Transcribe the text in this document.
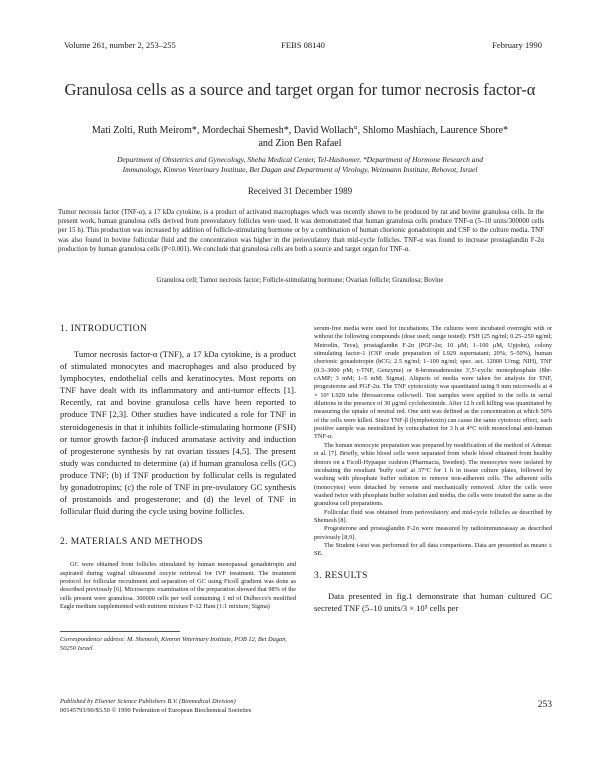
Volume 261, number 2, 253–255	FEBS 08140	February 1990
Granulosa cells as a source and target organ for tumor necrosis factor-α
Mati Zolti, Ruth Meirom*, Mordechai Shemesh*, David Wollach°, Shlomo Mashiach, Laurence Shore*
and Zion Ben Rafael
Department of Obstetrics and Gynecology, Sheba Medical Center, Tel-Hashomer, *Department of Hormone Research and
Immunology, Kimron Veterinary Institute, Bet Dagan and Department of Virology, Weizmann Institute, Rehovot, Israel
Received 31 December 1989
Tumor necrosis factor (TNF-α), a 17 kDa cytokine, is a product of activated macrophages which was recently shown to be produced by rat and bovine granulosa cells. In the present work, human granulosa cells derived from preovulatory follicles were used. It was demonstrated that human granulosa cells produce TNF-α (5–10 units/300000 cells per 15 h). This production was increased by addition of follicle-stimulating hormone or by a combination of human chorionic gonadotropin and CSF to the culture media. TNF was also found in bovine follicular fluid and the concentration was higher in the periovulatory than mid-cycle follicles. TNF-α was found to increase prostaglandin F-2α production by human granulosa cells (P<0.001). We conclude that granulosa cells are both a source and target organ for TNF-α.
Granulosa cell; Tumor necrosis factor; Follicle-stimulating hormone; Ovarian follicle; Granulosa; Bovine
1. INTRODUCTION

Tumor necrosis factor-α (TNF), a 17 kDa cytokine, is a product of stimulated monocytes and macrophages and also produced by lymphocytes, endothelial cells and keratinocytes. Most reports on TNF have dealt with its inflammatory and anti-tumor effects [1]. Recently, rat and bovine granulosa cells have been reported to produce TNF [2,3]. Other studies have indicated a role for TNF in steroidogenesis in that it inhibits follicle-stimulating hormone (FSH) or tumor growth factor-β induced aromatase activity and induction of progesterone synthesis by rat ovarian tissues [4,5]. The present study was conducted to determine (a) if human granulosa cells (GC) produce TNF; (b) if TNF production by follicular cells is regulated by gonadotropins; (c) the role of TNF in pre-ovulatory GC synthesis of prostanoids and progesterone; and (d) the level of TNF in follicular fluid during the cycle using bovine follicles.

2. MATERIALS AND METHODS

GC were obtained from follicles stimulated by human menopausal gonadotropin and aspirated during vaginal ultrasound oocyte retrieval for IVF treatment. The treatment protocol for follicular recruitment and separation of GC using Ficoll gradient was done as described previously [6]. Microscopic examination of the preparation showed that 98% of the cells present were granulosa. 300000 cells per well containing 1 ml of Dulbecco's modified Eagle medium supplemented with nutrient mixture F-12 Ham (1:1 mixture; Sigma)

Correspondence address: M. Shemesh, Kimron Veterinary Institute, POB 12, Bet Dagan, 50250 Israel

serum-free media were used for incubations. The cultures were incubated overnight with or without the following compounds (dose used; range tested): FSH (25 ng/ml; 0.25–250 ng/ml; Metrodin, Teva), prostaglandin F-2α (PGF-2α; 10 μM; 1–100 μM, Upjohn), colony stimulating factor-1 (CSF crude preparation of L929 supernatant; 20%; 5–50%), human chorionic gonadotropin (hCG; 2.5 ng/ml; 1–100 ng/ml; spec. act. 12000 U/mg; NIH), TNF (0.3–3000 pM; r-TNF, Genzyme) or 8-bromoadenosine 3',5'-cyclic monophosphate (8br-cAMP; 3 mM; 1–5 mM; Sigma). Aliquots of media were taken for analysis for TNF, progesterone and PGF-2α. The TNF cytotoxicity was quantitated using 9 mm microwells at 4 × 10⁵ L929 tube fibrosarcoma cells/well. Test samples were applied to the cells in serial dilutions in the presence of 30 μg/ml cycloheximide. After 12 h cell killing was quantitated by measuring the uptake of neutral red. One unit was defined as the concentration at which 50% of the cells were killed. Since TNF-β (lymphotoxin) can cause the same cytotoxic effect, each positive sample was neutralized by coincubation for 3 h at 4°C with monoclonal anti-human TNF-α.

The human monocyte preparation was prepared by modification of the method of Ademac et al. [7]. Briefly, white blood cells were separated from whole blood obtained from healthy donors on a Ficoll-Hypaque cushion (Pharmacia, Sweden). The monocytes were isolated by incubating the resultant 'buffy coat' at 37°C for 1 h in tissue culture plates, followed by washing with phosphate buffer solution to remove non-adherent cells. The adherent cells (monocytes) were detached by versene and mechanically removed. After the cells were washed twice with phosphate buffer solution and media, the cells were treated the same as the granulosa cell preparations.

Follicular fluid was obtained from periovulatory and mid-cycle follicles as described by Shemesh [8].

Progesterone and prostaglandin F-2α were measured by radioimmunoassay as described previously [8,9].

The Student t-test was performed for all data comparisons. Data are presented as means ± SE.

3. RESULTS

Data presented in fig.1 demonstrate that human cultured GC secreted TNF (5–10 units/3 × 10⁵ cells per

Published by Elsevier Science Publishers B.V. (Biomedical Division)
00145793/90/$3.50 © 1990 Federation of European Biochemical Societies
253
